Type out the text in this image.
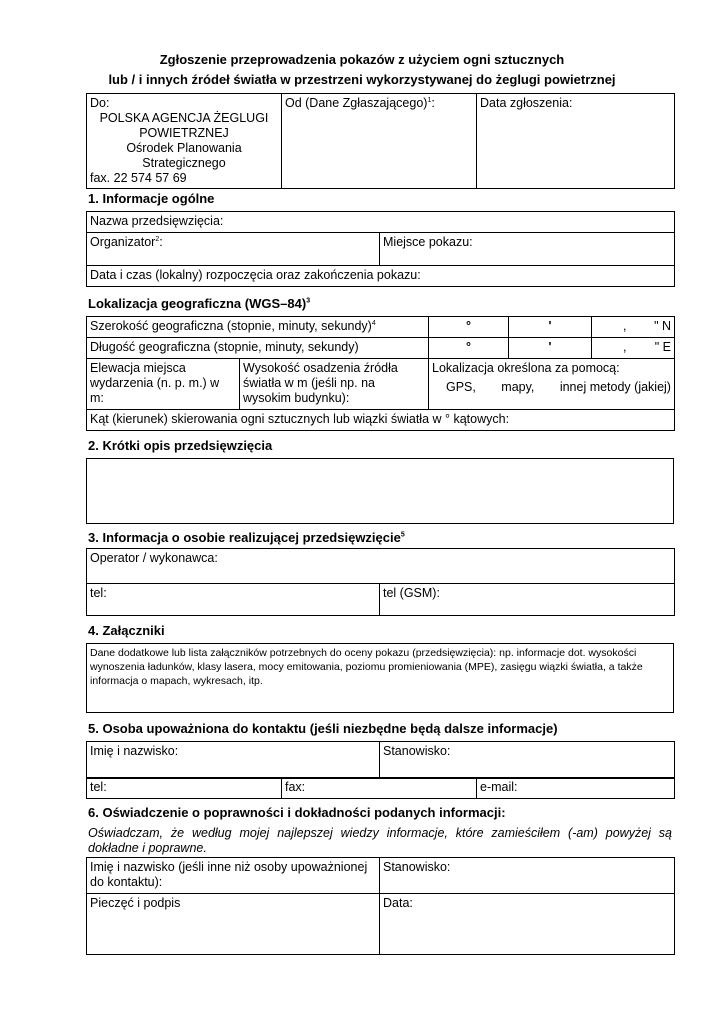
Zgłoszenie przeprowadzenia pokazów z użyciem ogni sztucznych
lub / i innych źródeł światła w przestrzeni wykorzystywanej do żeglugi powietrznej
Do:
POLSKA AGENCJA ŻEGLUGI
POWIETRZNEJ
Ośrodek Planowania
Strategicznego
fax. 22 574 57 69
	Od (Dane Zgłaszającego)$^1$:	Data zgłoszenia:
1. Informacje ogólne
Nazwa przedsięwzięcia:
Organizator$^2$:	Miejsce pokazu:
Data i czas (lokalny) rozpoczęcia oraz zakończenia pokazu:
Lokalizacja geograficzna $(WGS-84)^3$
Szerokość geograficzna (stopnie, minuty, sekundy)$^4$	°	'	, " N

Długość geograficzna (stopnie, minuty, sekundy)	°	'	, " E
Elewacja miejsca wydarzenia (n. p. m.) w m:	Wysokość osadzenia źródła światła w m (jeśli np. na wysokim budynku):	
Lokalizacja określona za pomocą:
GPS, mapy, innej metody (jakiej)

Kąt (kierunek) skierowania ogni sztucznych lub wiązki światła w ° kątowych:
2. Krótki opis przedsięwzięcia
3. Informacja o osobie realizującej przedsięwzięcie$^5$
Operator / wykonawca:
tel:	tel (GSM):
4. Załączniki
Dane dodatkowe lub lista załączników potrzebnych do oceny pokazu (przedsięwzięcia): np. informacje dot. wysokości wynoszenia ładunków, klasy lasera, mocy emitowania, poziomu promieniowania (MPE), zasięgu wiązki światła, a także informacja o mapach, wykresach, itp.
5. Osoba upoważniona do kontaktu (jeśli niezbędne będą dalsze informacje)
Imię i nazwisko:	Stanowisko:
tel:	fax:	e-mail:
6. Oświadczenie o poprawności i dokładności podanych informacji:
Oświadczam, że według mojej najlepszej wiedzy informacje, które zamieściłem (-am) powyżej są dokładne i poprawne.
Imię i nazwisko (jeśli inne niż osoby upoważnionej do kontaktu):	Stanowisko:
Pieczęć i podpis	Data:
